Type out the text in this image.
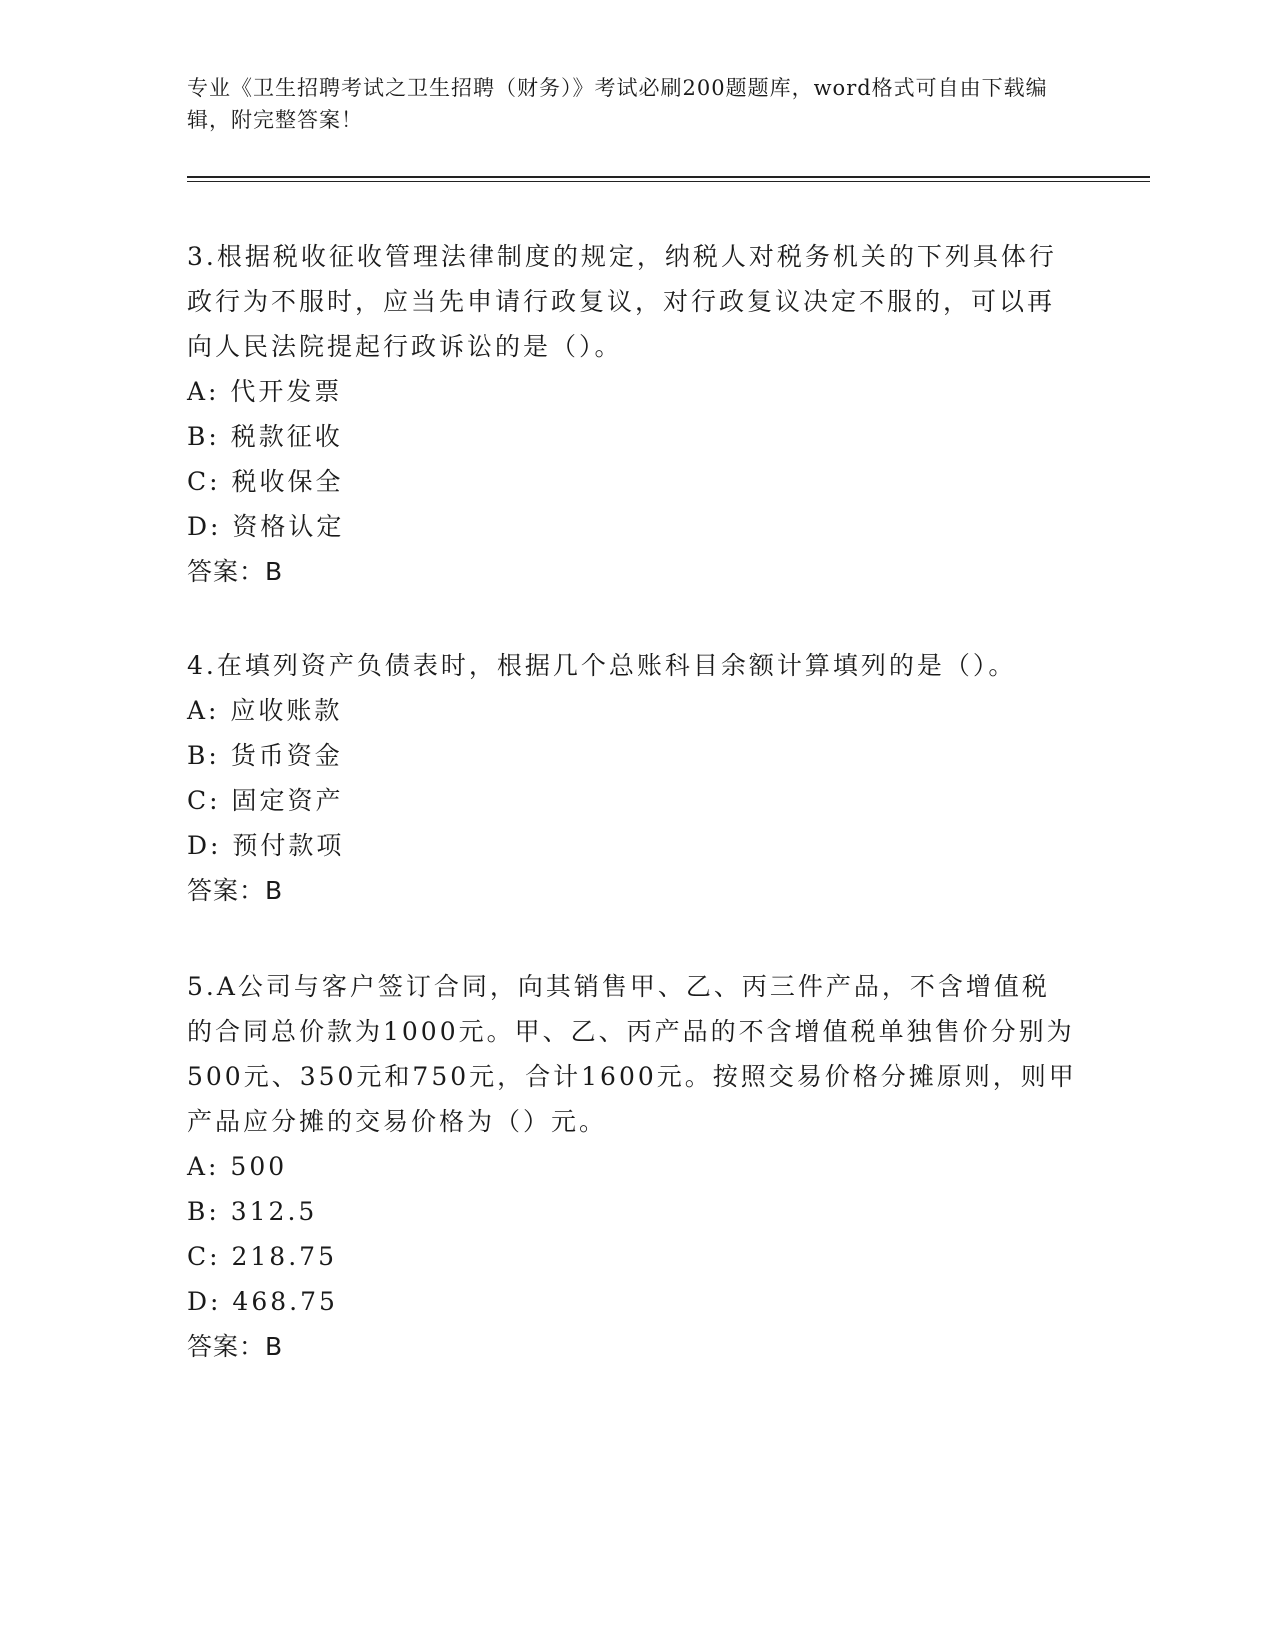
专业《卫生招聘考试之卫生招聘（财务）》考试必刷200题题库，word格式可自由下载编辑，附完整答案！

3.根据税收征收管理法律制度的规定，纳税人对税务机关的下列具体行政行为不服时，应当先申请行政复议，对行政复议决定不服的，可以再向人民法院提起行政诉讼的是（）。

A: 代开发票

B: 税款征收

C: 税收保全

D: 资格认定

答案：B

4.在填列资产负债表时，根据几个总账科目余额计算填列的是（）。

A: 应收账款

B: 货币资金

C: 固定资产

D: 预付款项

答案：B

5.A公司与客户签订合同，向其销售甲、乙、丙三件产品，不含增值税的合同总价款为1000元。甲、乙、丙产品的不含增值税单独售价分别为500元、350元和750元，合计1600元。按照交易价格分摊原则，则甲产品应分摊的交易价格为（）元。

A: 500

B: 312.5

C: 218.75

D: 468.75

答案：B
